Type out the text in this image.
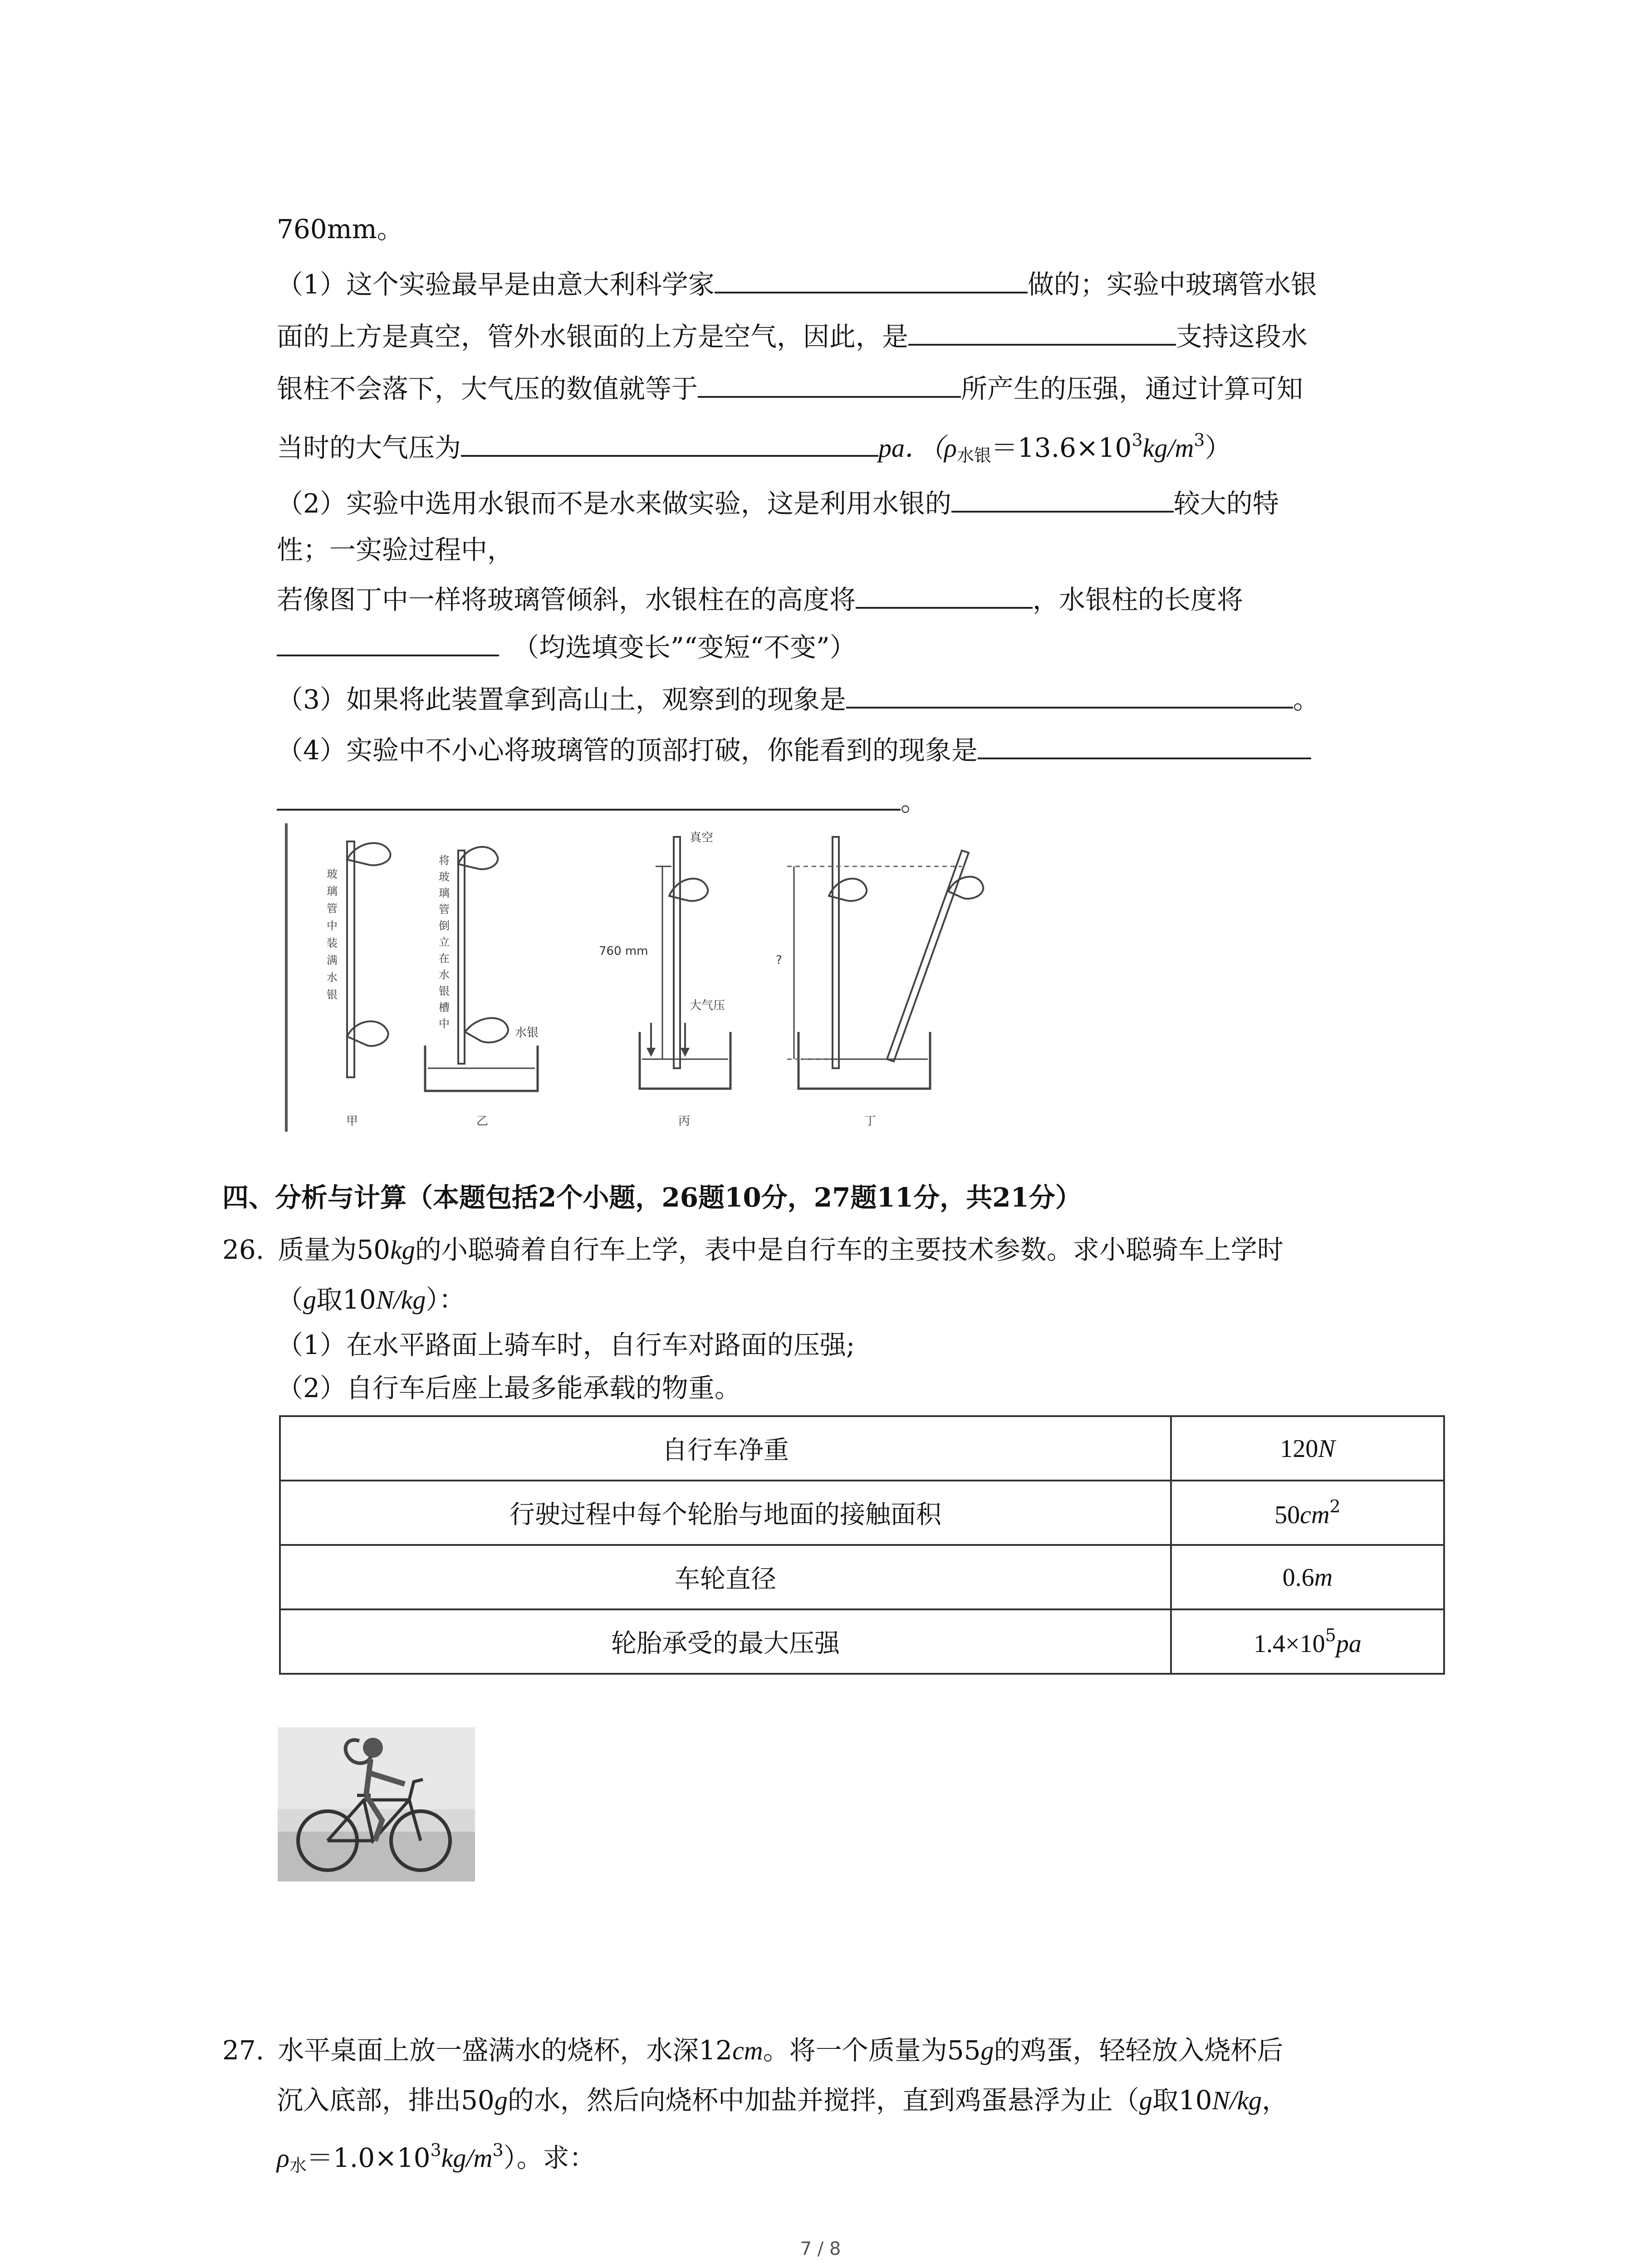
760mm。
（1）这个实验最早是由意大利科学家	做的；实验中玻璃管水银
面的上方是真空，管外水银面的上方是空气，因此，是	支持这段水
银柱不会落下，大气压的数值就等于	所产生的压强，通过计算可知
当时的大气压为	pa．$(\rho_{水银}=13.6\times 10^3kg/m^3)$
（2）实验中选用水银而不是水来做实验，这是利用水银的	较大的特
性；一实验过程中，
若像图丁中一样将玻璃管倾斜，水银柱在的高度将	，水银柱的长度将
（均选填变长”“变短“不变”）
（3）如果将此装置拿到高山土，观察到的现象是	。
（4）实验中不小心将玻璃管的顶部打破，你能看到的现象是
。
玻璃管中装满水银
甲
将玻璃管倒立在水银槽中
水银
乙
真空
760 mm
大气压
丙
?
丁
四、分析与计算（本题包括2个小题，26题10分，27题11分，共21分）
26. 质量为50kg的小聪骑着自行车上学，表中是自行车的主要技术参数。求小聪骑车上学时
（g取10N/kg）：
（1）在水平路面上骑车时，自行车对路面的压强;
（2）自行车后座上最多能承载的物重。
自行车净重	120N
行驶过程中每个轮胎与地面的接触面积	$50cm^2$
车轮直径	0.6m
轮胎承受的最大压强	$1.4\times 10^5pa$
27. 水平桌面上放一盛满水的烧杯，水深12cm。将一个质量为55g的鸡蛋，轻轻放入烧杯后
沉入底部，排出50g的水，然后向烧杯中加盐并搅拌，直到鸡蛋悬浮为止（g取10N/kg，
$\rho_水=1.0\times 10^3kg/m^3$）。求：
7 / 8
